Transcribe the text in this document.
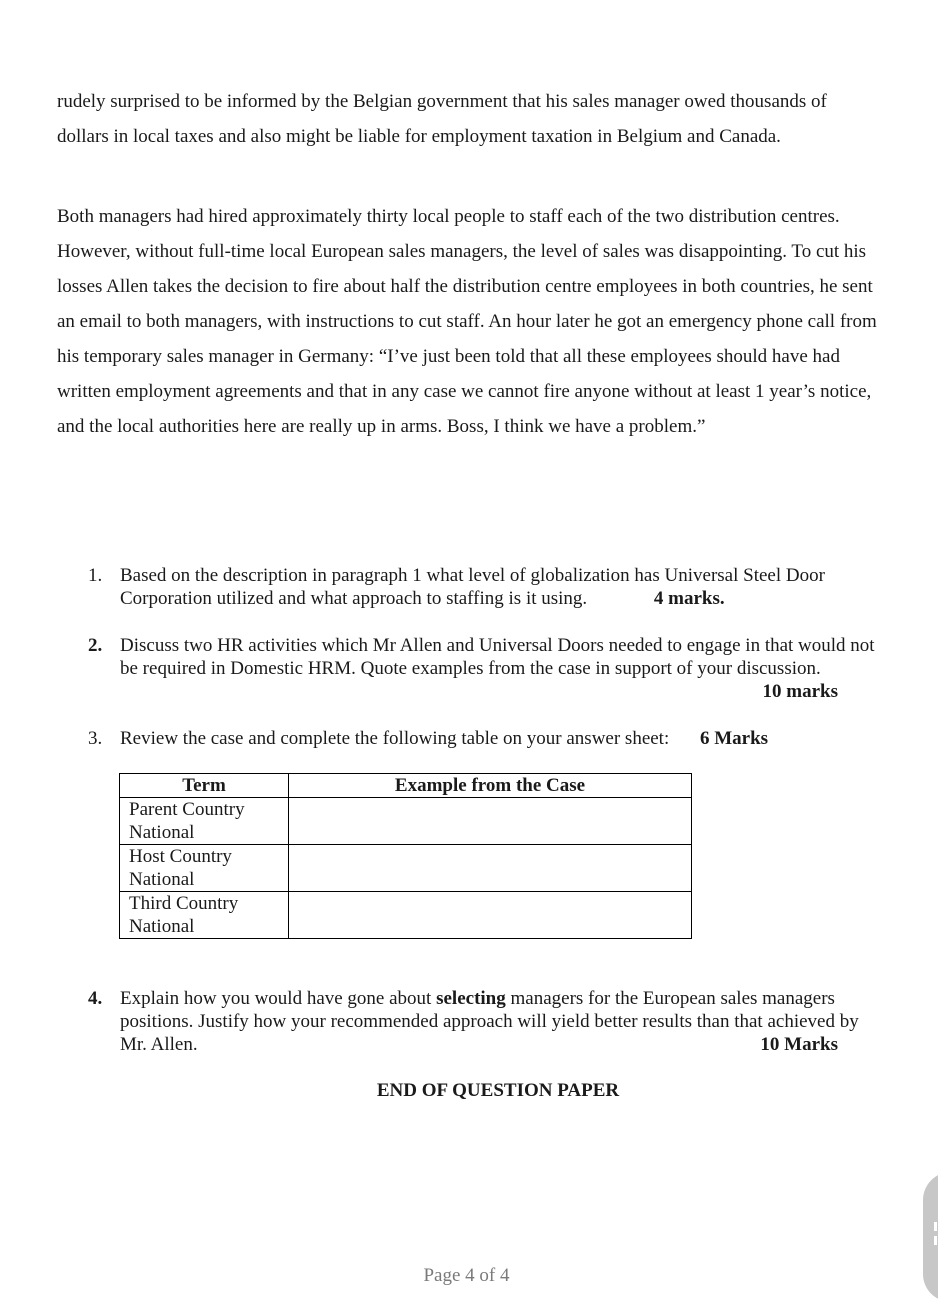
rudely surprised to be informed by the Belgian government that his sales manager owed thousands of dollars in local taxes and also might be liable for employment taxation in Belgium and Canada.

Both managers had hired approximately thirty local people to staff each of the two distribution centres. However, without full-time local European sales managers, the level of sales was disappointing. To cut his losses Allen takes the decision to fire about half the distribution centre employees in both countries, he sent an email to both managers, with instructions to cut staff. An hour later he got an emergency phone call from his temporary sales manager in Germany: “I’ve just been told that all these employees should have had written employment agreements and that in any case we cannot fire anyone without at least 1 year’s notice, and the local authorities here are really up in arms. Boss, I think we have a problem.”

1. Based on the description in paragraph 1 what level of globalization has Universal Steel Door Corporation utilized and what approach to staffing is it using.	4 marks.
2. Discuss two HR activities which Mr Allen and Universal Doors needed to engage in that would not be required in Domestic HRM. Quote examples from the case in support of your discussion.
10 marks
3. Review the case and complete the following table on your answer sheet: 6 Marks
Term	Example from the Case
Parent Country National	
Host Country National	
Third Country National	
4. Explain how you would have gone about selecting managers for the European sales managers positions. Justify how your recommended approach will yield better results than that achieved by Mr. Allen.	10 Marks
END OF QUESTION PAPER
Page 4 of 4
